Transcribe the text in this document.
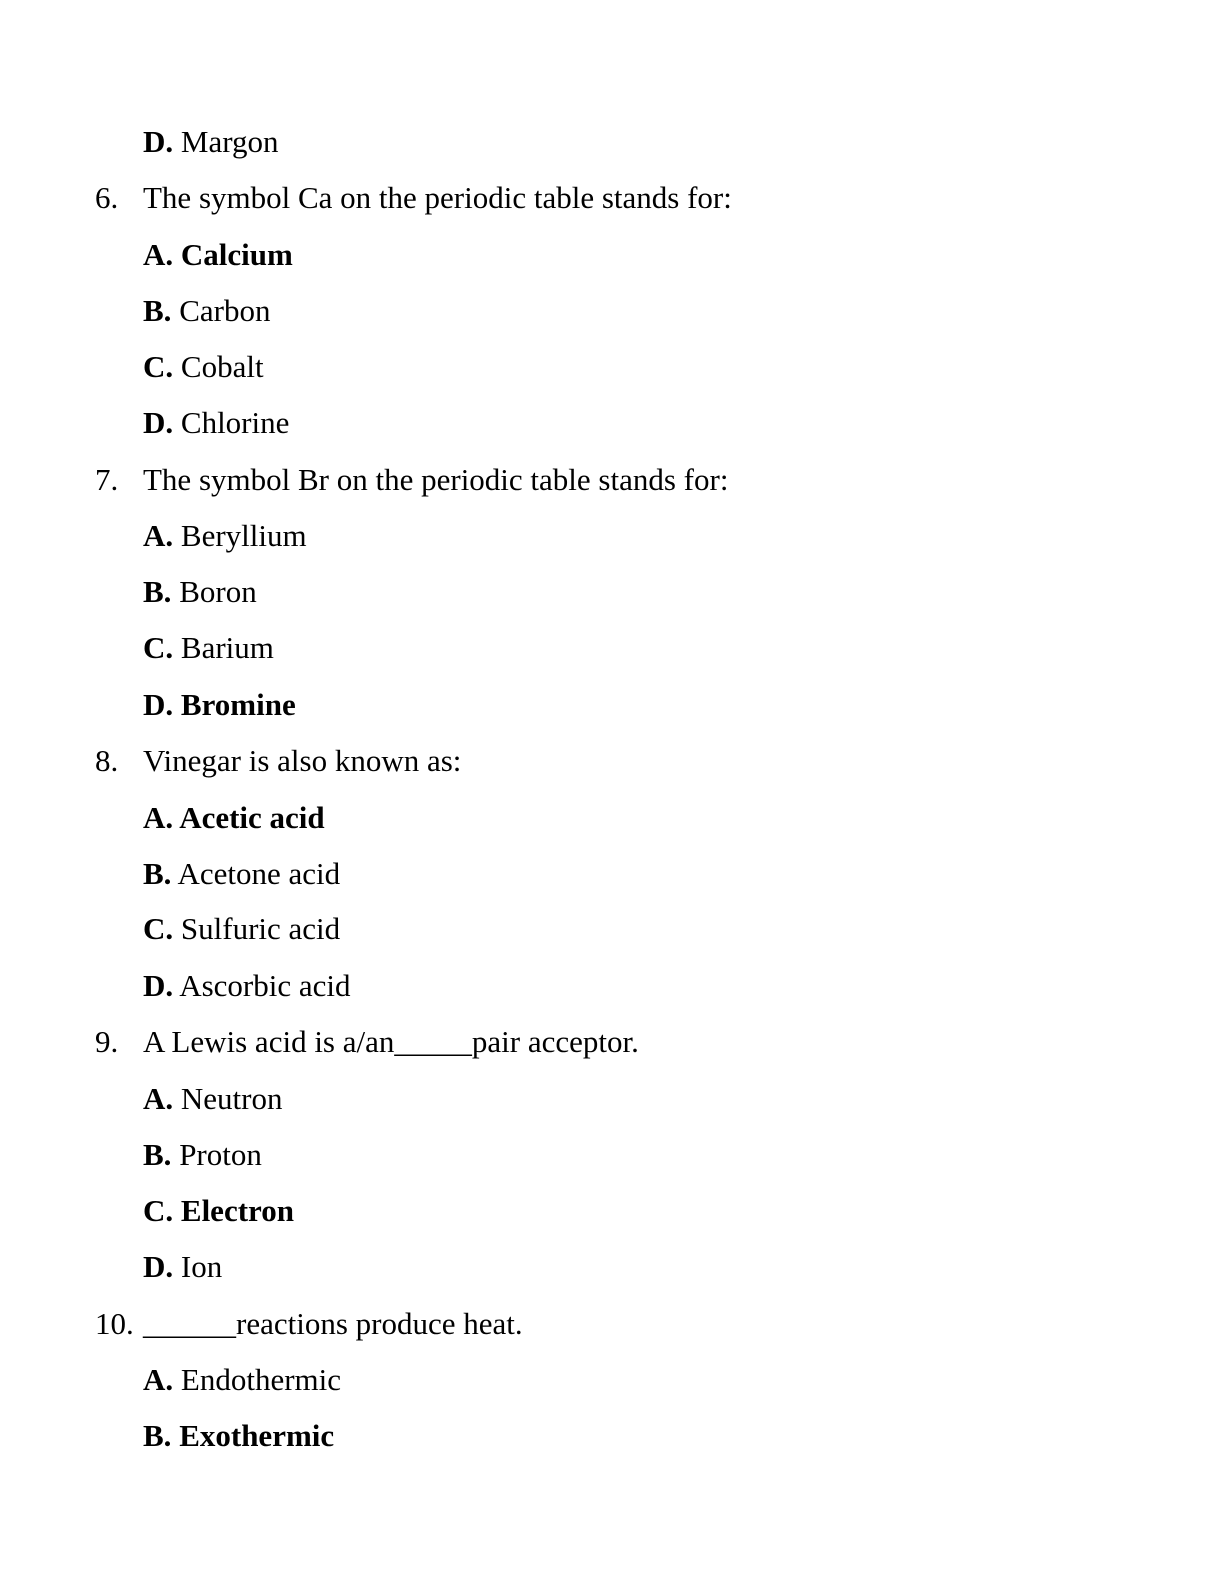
D. Margon
6. The symbol Ca on the periodic table stands for:
A. Calcium
B. Carbon
C. Cobalt
D. Chlorine
7. The symbol Br on the periodic table stands for:
A. Beryllium
B. Boron
C. Barium
D. Bromine
8. Vinegar is also known as:
A. Acetic acid
B. Acetone acid
C. Sulfuric acid
D. Ascorbic acid
9. A Lewis acid is a/an_____pair acceptor.
A. Neutron
B. Proton
C. Electron
D. Ion
10. ______reactions produce heat.
A. Endothermic
B. Exothermic
